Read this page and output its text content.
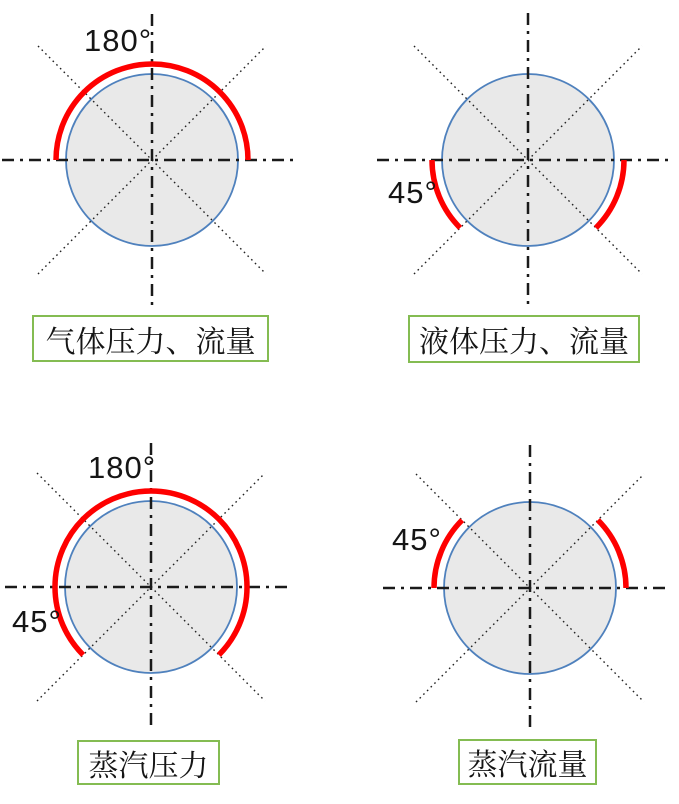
180°
45°
180°
45°
45°
气体压力、流量	液体压力、流量
蒸汽压力	蒸汽流量
